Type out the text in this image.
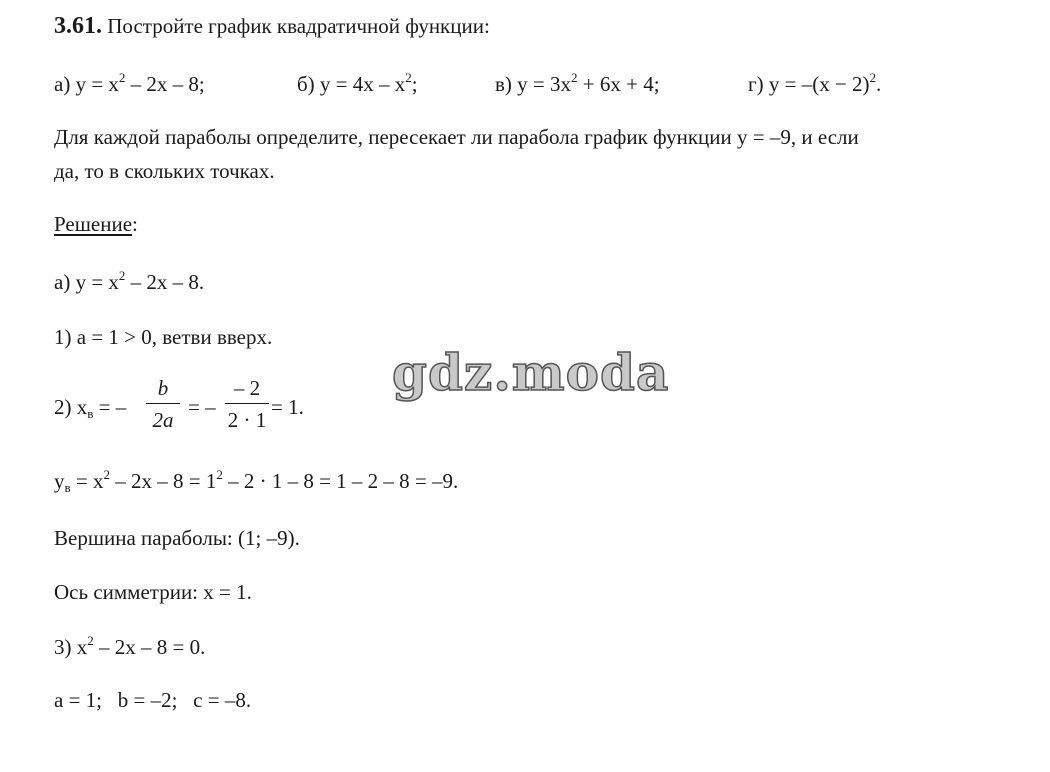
3.61. Постройте график квадратичной функции:
а) $у = х^2 - 2х - 8$;	б) $у = 4х - х^2$;	в) $у = 3х^2 + 6х + 4$;	г) $у = -(х - 2)^2$.
Для каждой параболы определите, пересекает ли парабола график функции у = –9, и если
да, то в скольких точках.
Решение:
а) $у = х^2 - 2х - 8$.
1) a = 1 > 0, ветви вверх.
2) $x_в$ = –
b
2a
= –
– 2
2 · 1
= 1.
$у_в = х^2 - 2х - 8 = 1^2 - 2 \cdot 1 - 8 = 1 - 2 - 8 = -9$.
Вершина параболы: (1; –9).
Ось симметрии: х = 1.
3) $х^2 - 2х - 8 = 0$.
a = 1;   b = –2;   c = –8.
gdz.moda
